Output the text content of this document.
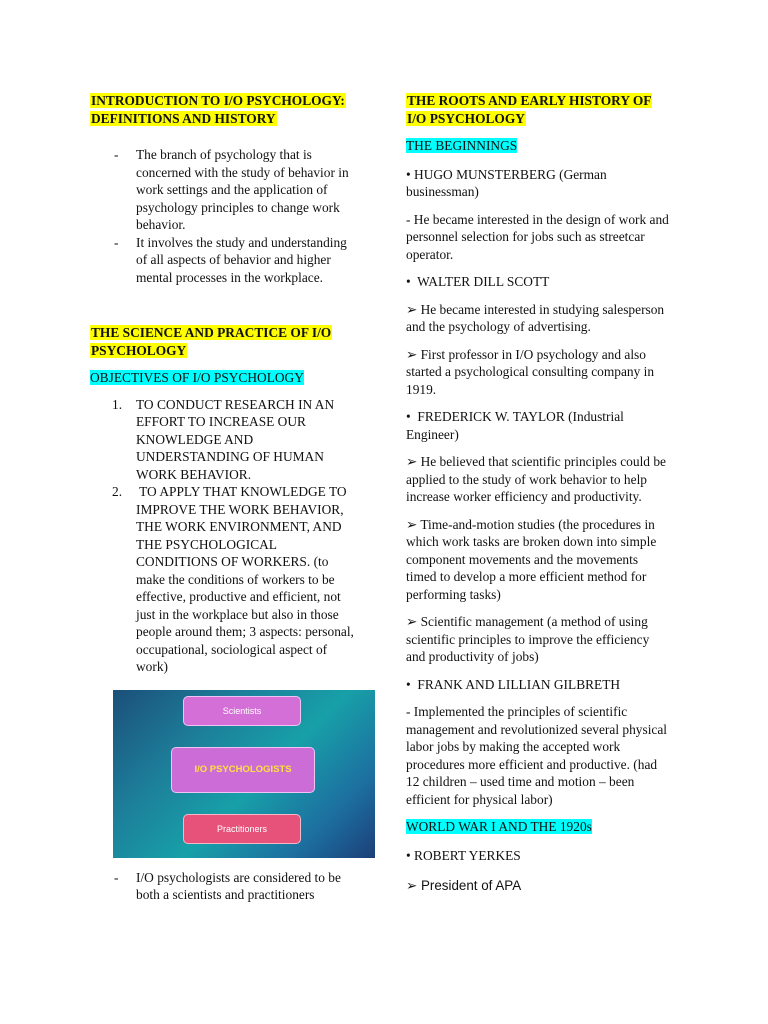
INTRODUCTION TO I/O PSYCHOLOGY:
DEFINITIONS AND HISTORY

- The branch of psychology that is
concerned with the study of behavior in
work settings and the application of
psychology principles to change work
behavior.
- It involves the study and understanding
of all aspects of behavior and higher
mental processes in the workplace.

THE SCIENCE AND PRACTICE OF I/O
PSYCHOLOGY

OBJECTIVES OF I/O PSYCHOLOGY

1. TO CONDUCT RESEARCH IN AN
EFFORT TO INCREASE OUR
KNOWLEDGE AND
UNDERSTANDING OF HUMAN
WORK BEHAVIOR.
2. TO APPLY THAT KNOWLEDGE TO
IMPROVE THE WORK BEHAVIOR,
THE WORK ENVIRONMENT, AND
THE PSYCHOLOGICAL
CONDITIONS OF WORKERS. (to
make the conditions of workers to be
effective, productive and efficient, not
just in the workplace but also in those
people around them; 3 aspects: personal,
occupational, sociological aspect of
work)
Scientists
I/O PSYCHOLOGISTS
Practitioners
- I/O psychologists are considered to be
both a scientists and practitioners

THE ROOTS AND EARLY HISTORY OF
I/O PSYCHOLOGY

THE BEGINNINGS

• HUGO MUNSTERBERG (German
businessman)

- He became interested in the design of work and
personnel selection for jobs such as streetcar
operator.

•  WALTER DILL SCOTT

➢ He became interested in studying salesperson
and the psychology of advertising.

➢ First professor in I/O psychology and also
started a psychological consulting company in
1919.

•  FREDERICK W. TAYLOR (Industrial
Engineer)

➢ He believed that scientific principles could be
applied to the study of work behavior to help
increase worker efficiency and productivity.

➢ Time-and-motion studies (the procedures in
which work tasks are broken down into simple
component movements and the movements
timed to develop a more efficient method for
performing tasks)

➢ Scientific management (a method of using
scientific principles to improve the efficiency
and productivity of jobs)

•  FRANK AND LILLIAN GILBRETH

- Implemented the principles of scientific
management and revolutionized several physical
labor jobs by making the accepted work
procedures more efficient and productive. (had
12 children – used time and motion – been
efficient for physical labor)

WORLD WAR I AND THE 1920s

• ROBERT YERKES

➢ President of APA
